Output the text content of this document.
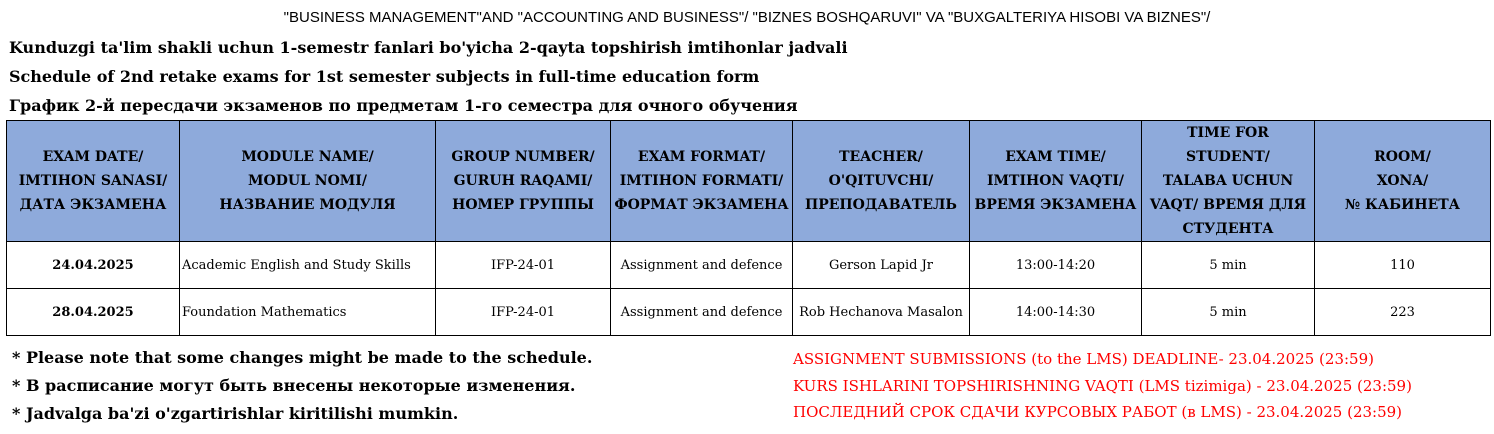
"BUSINESS MANAGEMENT"AND "ACCOUNTING AND BUSINESS"/ "BIZNES BOSHQARUVI" VA "BUXGALTERIYA HISOBI VA BIZNES"/
Kunduzgi ta'lim shakli uchun 1-semestr fanlari bo'yicha 2-qayta topshirish imtihonlar jadvali
Schedule of 2nd retake exams for 1st semester subjects in full-time education form
График 2-й пересдачи экзаменов по предметам 1-го семестра для очного обучения
EXAM DATE/
IMTIHON SANASI/
ДАТА ЭКЗАМЕНА	MODULE NAME/
MODUL NOMI/
НАЗВАНИЕ МОДУЛЯ	GROUP NUMBER/
GURUH RAQAMI/
НОМЕР ГРУППЫ	EXAM FORMAT/
IMTIHON FORMATI/
ФОРМАТ ЭКЗАМЕНА	TEACHER/
O'QITUVCHI/
ПРЕПОДАВАТЕЛЬ	EXAM TIME/
IMTIHON VAQTI/
ВРЕМЯ ЭКЗАМЕНА	TIME FOR STUDENT/
TALABA UCHUN
VAQT/ ВРЕМЯ ДЛЯ
СТУДЕНТА	ROOM/
XONA/
№ КАБИНЕТА

24.04.2025	Academic English and Study Skills	IFP-24-01	Assignment and defence	Gerson Lapid Jr	13:00-14:20	5 min	110
28.04.2025	Foundation Mathematics	IFP-24-01	Assignment and defence	Rob Hechanova Masalon	14:00-14:30	5 min	223
* Please note that some changes might be made to the schedule.
* В расписание могут быть внесены некоторые изменения.
* Jadvalga ba'zi o'zgartirishlar kiritilishi mumkin.
ASSIGNMENT SUBMISSIONS (to the LMS) DEADLINE- 23.04.2025 (23:59)
KURS ISHLARINI TOPSHIRISHNING VAQTI (LMS tizimiga) - 23.04.2025 (23:59)
ПОСЛЕДНИЙ СРОК СДАЧИ КУРСОВЫХ РАБОТ (в LMS) - 23.04.2025 (23:59)
